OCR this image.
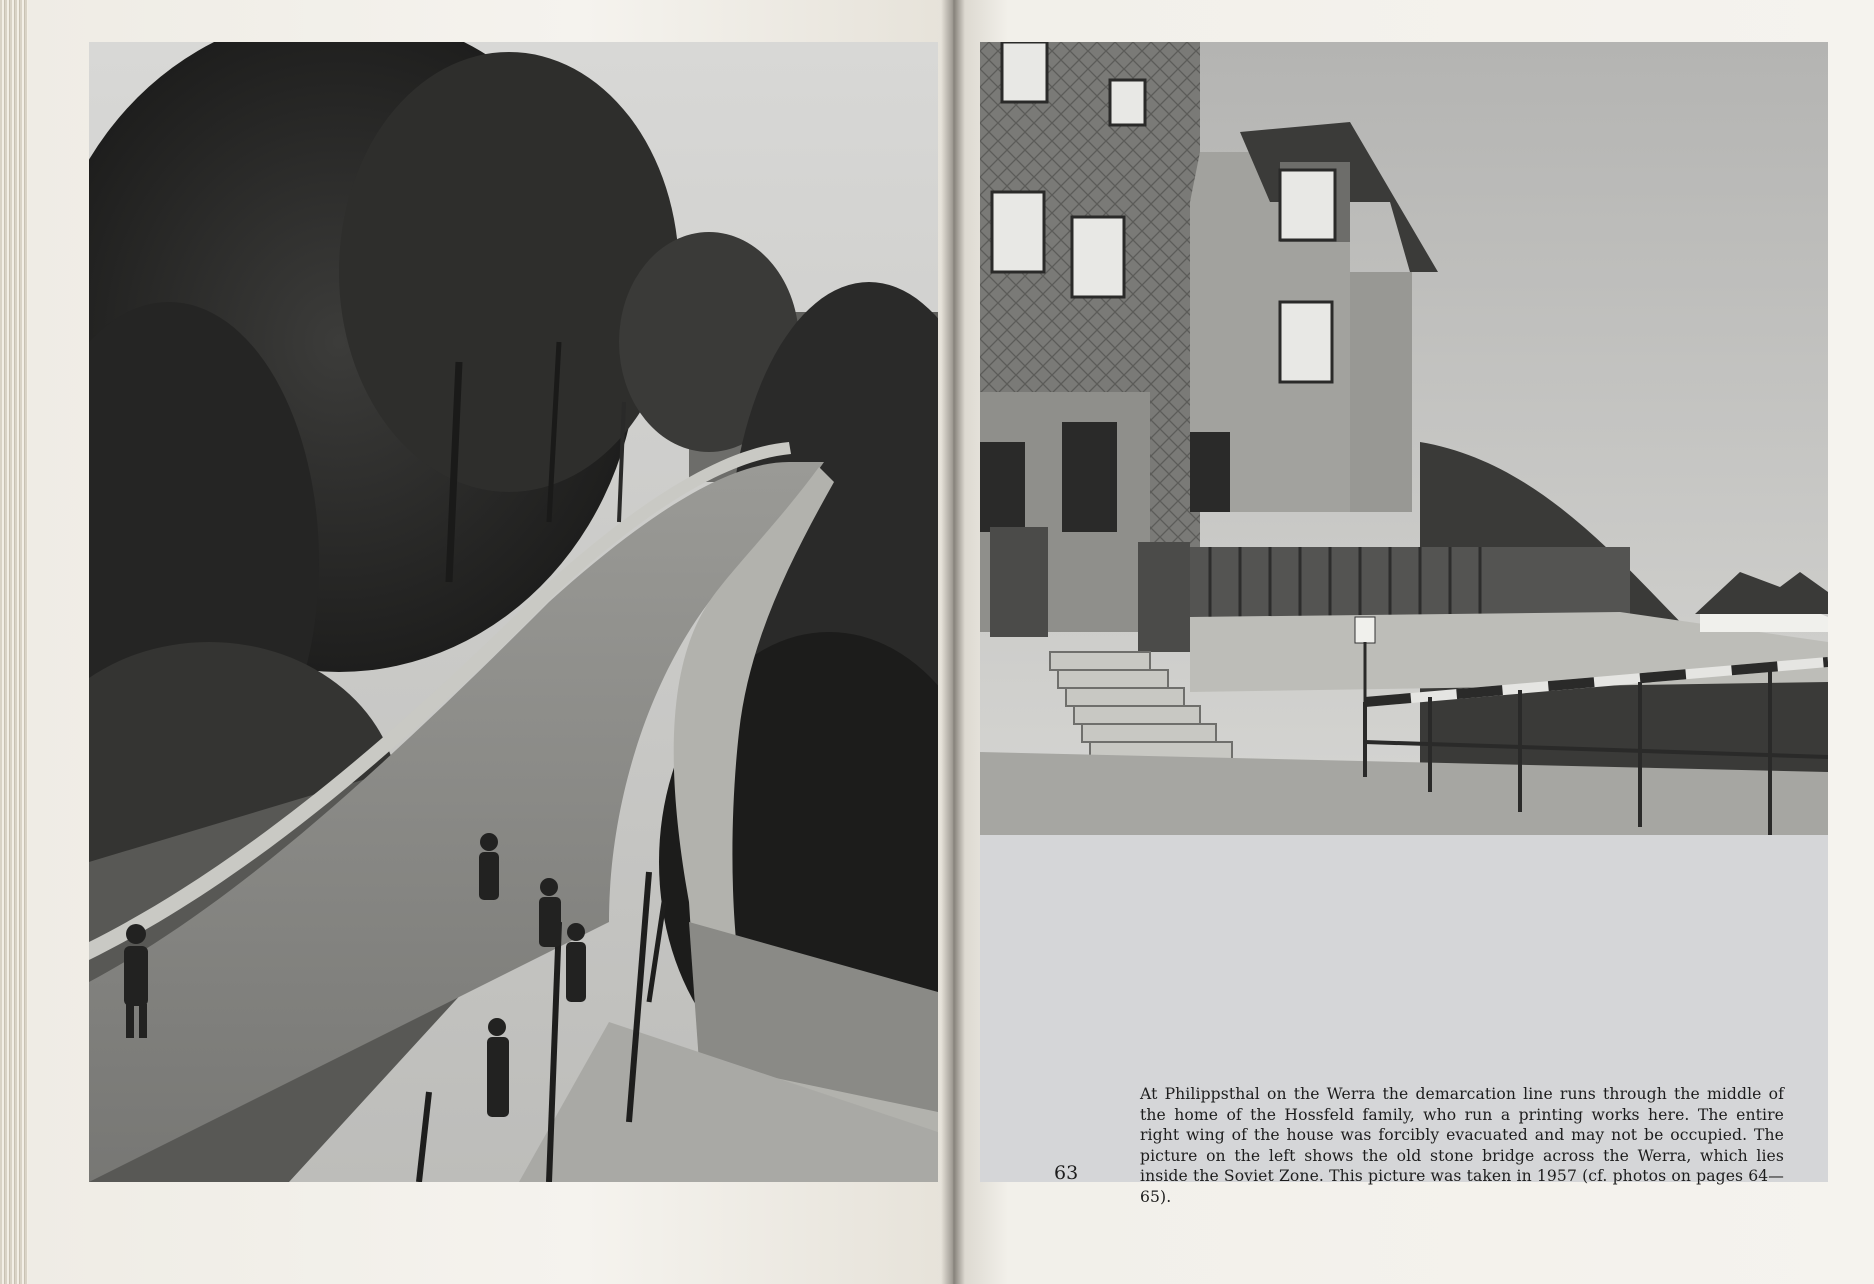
63
At Philippsthal on the Werra the demarcation line runs through the middle of the home of the Hossfeld family, who run a printing works here. The entire right wing of the house was forcibly evacuated and may not be occupied. The picture on the left shows the old stone bridge across the Werra, which lies inside the Soviet Zone. This picture was taken in 1957 (cf. photos on pages 64—65).
